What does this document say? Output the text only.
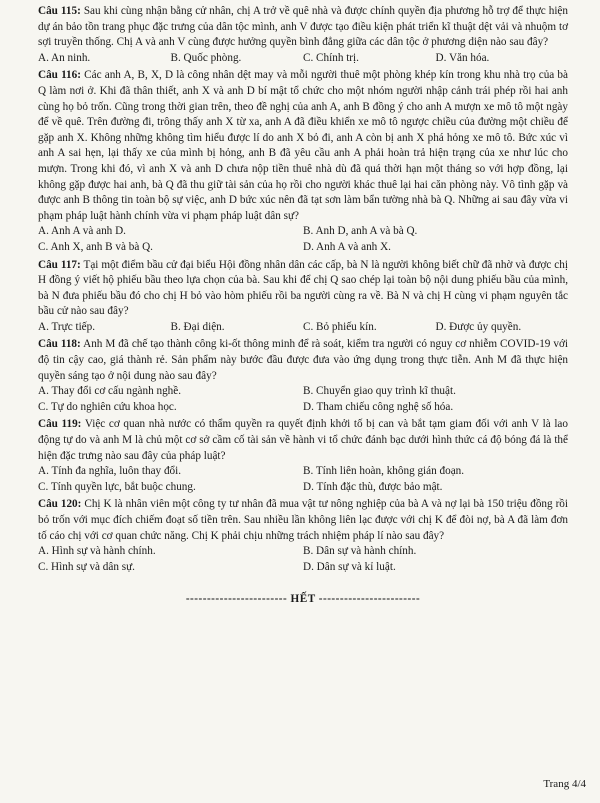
Câu 115: Sau khi cùng nhận bằng cử nhân, chị A trở về quê nhà và được chính quyền địa phương hỗ trợ để thực hiện dự án bảo tồn trang phục đặc trưng của dân tộc mình, anh V được tạo điều kiện phát triển kĩ thuật dệt vải và nhuộm tơ sợi truyền thống. Chị A và anh V cùng được hưởng quyền bình đẳng giữa các dân tộc ở phương diện nào sau đây?

A. An ninh.	B. Quốc phòng.	C. Chính trị.	D. Văn hóa.

Câu 116: Các anh A, B, X, D là công nhân dệt may và mỗi người thuê một phòng khép kín trong khu nhà trọ của bà Q làm nơi ở. Khi đã thân thiết, anh X và anh D bí mật tổ chức cho một nhóm người nhập cảnh trái phép rồi hai anh cùng họ bỏ trốn. Cũng trong thời gian trên, theo đề nghị của anh A, anh B đồng ý cho anh A mượn xe mô tô một ngày để về quê. Trên đường đi, trông thấy anh X từ xa, anh A đã điều khiển xe mô tô ngược chiều của đường một chiều để gặp anh X. Không những không tìm hiểu được lí do anh X bỏ đi, anh A còn bị anh X phá hỏng xe mô tô. Bức xúc vì anh A sai hẹn, lại thấy xe của mình bị hỏng, anh B đã yêu cầu anh A phải hoàn trả hiện trạng của xe như lúc cho mượn. Trong khi đó, vì anh X và anh D chưa nộp tiền thuê nhà dù đã quá thời hạn một tháng so với hợp đồng, lại không gặp được hai anh, bà Q đã thu giữ tài sản của họ rồi cho người khác thuê lại hai căn phòng này. Vô tình gặp và được anh B thông tin toàn bộ sự việc, anh D bức xúc nên đã tạt sơn làm bẩn tường nhà bà Q. Những ai sau đây vừa vi phạm pháp luật hành chính vừa vi phạm pháp luật dân sự?

A. Anh A và anh D.	B. Anh D, anh A và bà Q.
C. Anh X, anh B và bà Q.	D. Anh A và anh X.

Câu 117: Tại một điểm bầu cử đại biểu Hội đồng nhân dân các cấp, bà N là người không biết chữ đã nhờ và được chị H đồng ý viết hộ phiếu bầu theo lựa chọn của bà. Sau khi để chị Q sao chép lại toàn bộ nội dung phiếu bầu của mình, bà N đưa phiếu bầu đó cho chị H bỏ vào hòm phiếu rồi ba người cùng ra về. Bà N và chị H cùng vi phạm nguyên tắc bầu cử nào sau đây?

A. Trực tiếp.	B. Đại diện.	C. Bỏ phiếu kín.	D. Được ủy quyền.

Câu 118: Anh M đã chế tạo thành công ki-ốt thông minh để rà soát, kiểm tra người có nguy cơ nhiễm COVID-19 với độ tin cậy cao, giá thành rẻ. Sản phẩm này bước đầu được đưa vào ứng dụng trong thực tiễn. Anh M đã thực hiện quyền sáng tạo ở nội dung nào sau đây?

A. Thay đổi cơ cấu ngành nghề.	B. Chuyển giao quy trình kĩ thuật.
C. Tự do nghiên cứu khoa học.	D. Tham chiếu công nghệ số hóa.

Câu 119: Việc cơ quan nhà nước có thẩm quyền ra quyết định khởi tố bị can và bắt tạm giam đối với anh V là lao động tự do và anh M là chủ một cơ sở cầm cố tài sản về hành vi tổ chức đánh bạc dưới hình thức cá độ bóng đá là thể hiện đặc trưng nào sau đây của pháp luật?

A. Tính đa nghĩa, luôn thay đổi.	B. Tính liên hoàn, không gián đoạn.
C. Tính quyền lực, bắt buộc chung.	D. Tính đặc thù, được bảo mật.

Câu 120: Chị K là nhân viên một công ty tư nhân đã mua vật tư nông nghiệp của bà A và nợ lại bà 150 triệu đồng rồi bỏ trốn với mục đích chiếm đoạt số tiền trên. Sau nhiều lần không liên lạc được với chị K để đòi nợ, bà A đã làm đơn tố cáo chị với cơ quan chức năng. Chị K phải chịu những trách nhiệm pháp lí nào sau đây?

A. Hình sự và hành chính.	B. Dân sự và hành chính.
C. Hình sự và dân sự.	D. Dân sự và kỉ luật.
------------------------ HẾT ------------------------
Trang 4/4
